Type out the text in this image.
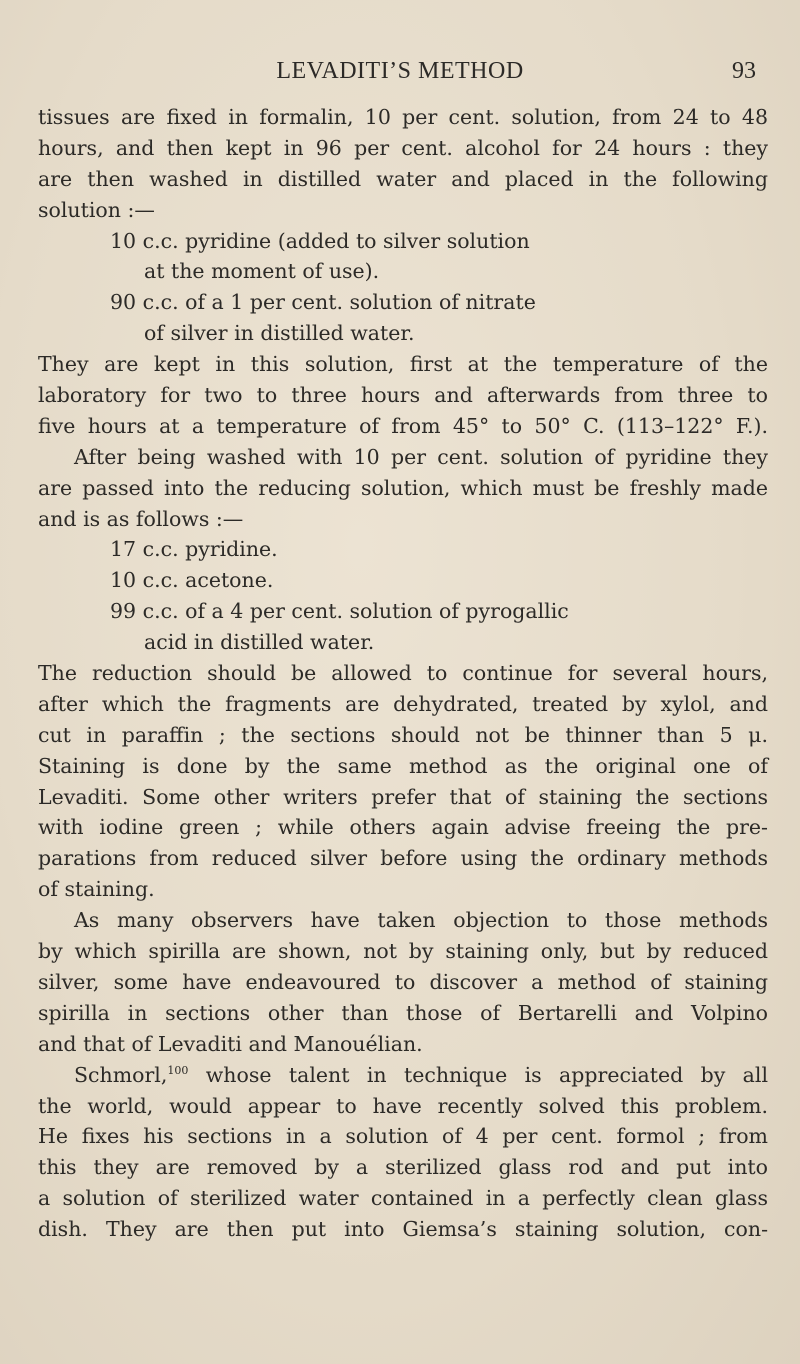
LEVADITI’S METHOD	93
tissues are fixed in formalin, 10 per cent. solution, from 24 to 48
hours, and then kept in 96 per cent. alcohol for 24 hours : they
are then washed in distilled water and placed in the following
solution :—
10 c.c. pyridine (added to silver solution
at the moment of use).
90 c.c. of a 1 per cent. solution of nitrate
of silver in distilled water.
They are kept in this solution, first at the temperature of the
laboratory for two to three hours and afterwards from three to
five hours at a temperature of from 45° to 50° C. (113–122° F.).
After being washed with 10 per cent. solution of pyridine they
are passed into the reducing solution, which must be freshly made
and is as follows :—
17 c.c. pyridine.
10 c.c. acetone.
99 c.c. of a 4 per cent. solution of pyrogallic
acid in distilled water.
The reduction should be allowed to continue for several hours,
after which the fragments are dehydrated, treated by xylol, and
cut in paraffin ; the sections should not be thinner than 5 μ.
Staining is done by the same method as the original one of
Levaditi. Some other writers prefer that of staining the sections
with iodine green ; while others again advise freeing the pre-
parations from reduced silver before using the ordinary methods
of staining.
As many observers have taken objection to those methods
by which spirilla are shown, not by staining only, but by reduced
silver, some have endeavoured to discover a method of staining
spirilla in sections other than those of Bertarelli and Volpino
and that of Levaditi and Manouélian.
Schmorl,$^{100}$ whose talent in technique is appreciated by all
the world, would appear to have recently solved this problem.
He fixes his sections in a solution of 4 per cent. formol ; from
this they are removed by a sterilized glass rod and put into
a solution of sterilized water contained in a perfectly clean glass
dish. They are then put into Giemsa’s staining solution, con-
